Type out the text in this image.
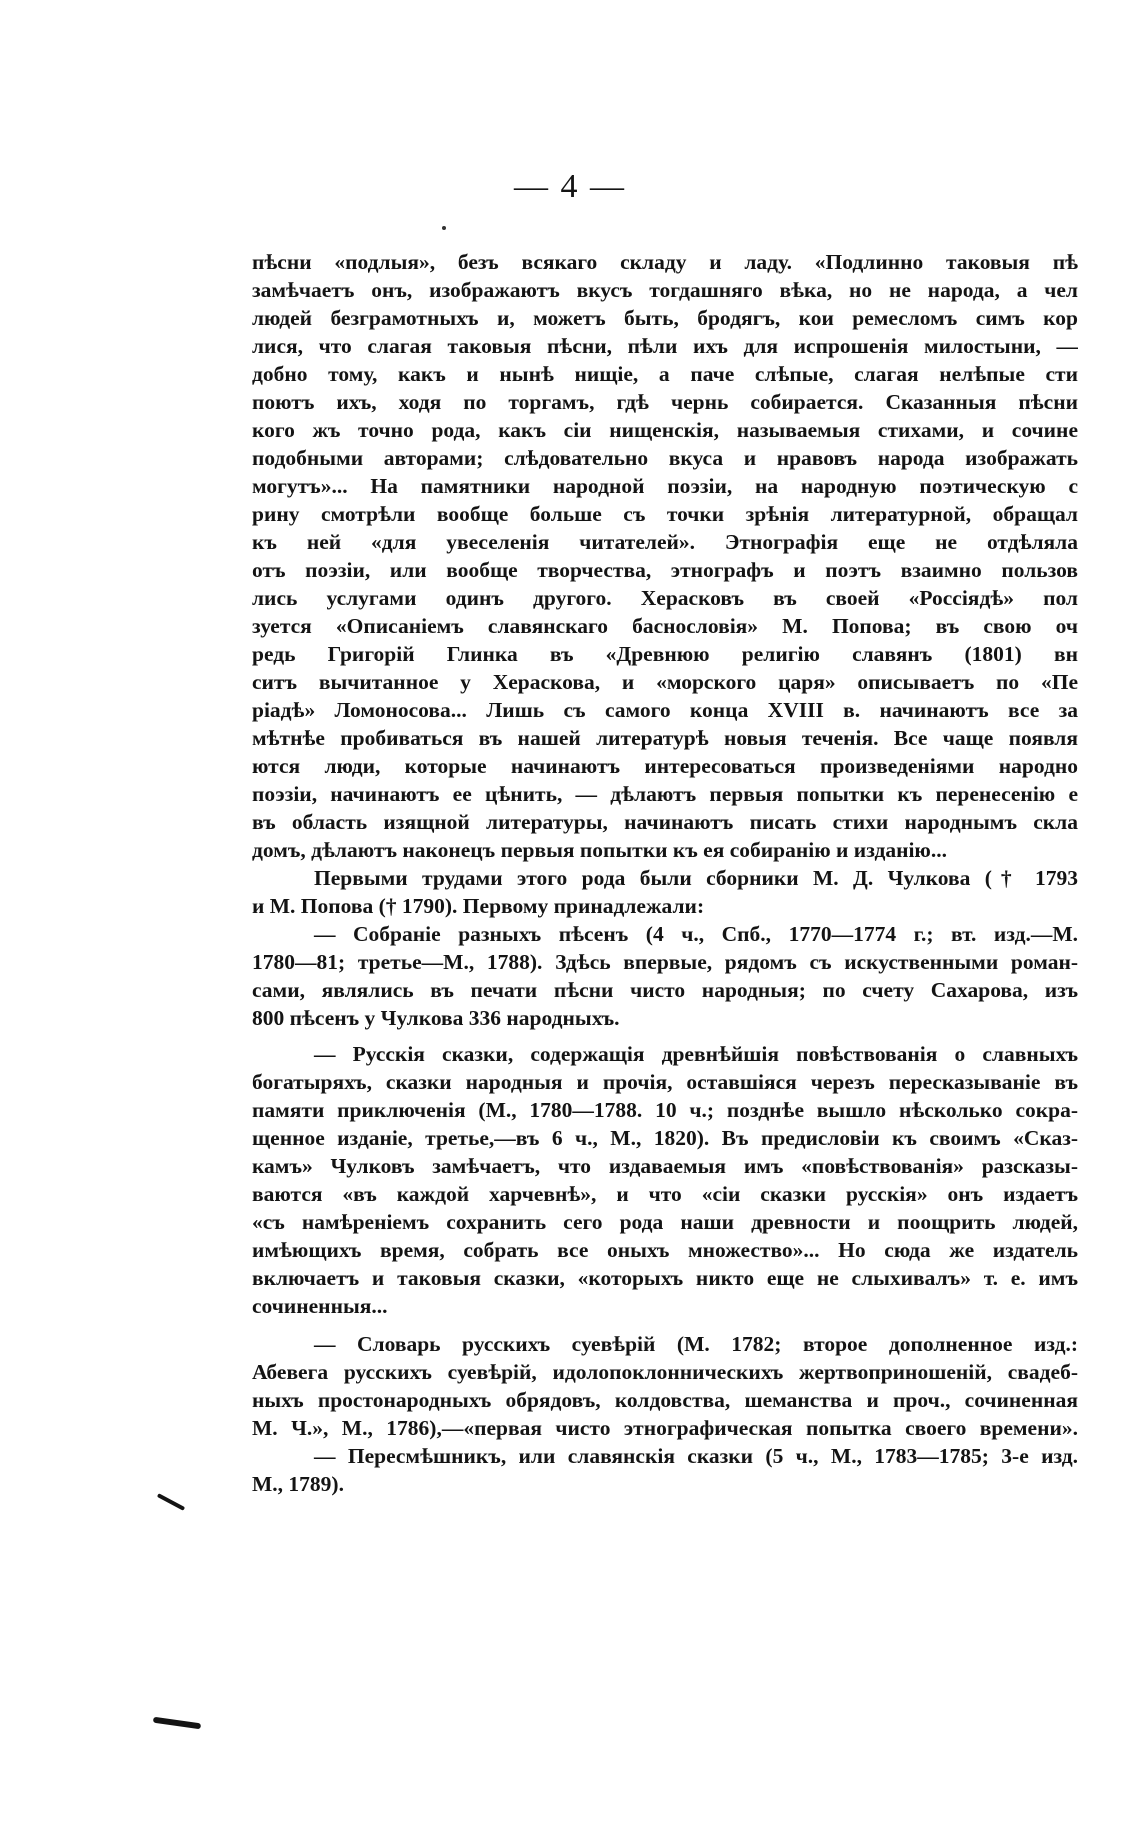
— 4 —
пѣсни «подлыя», безъ всякаго складу и ладу. «Подлинно таковыя пѣ
замѣчаетъ онъ, изображаютъ вкусъ тогдашняго вѣка, но не народа, а чел
людей безграмотныхъ и, можетъ быть, бродягъ, кои ремесломъ симъ кор
лися, что слагая таковыя пѣсни, пѣли ихъ для испрошенія милостыни, —
добно тому, какъ и нынѣ нищіе, а паче слѣпые, слагая нелѣпые сти
поютъ ихъ, ходя по торгамъ, гдѣ чернь собирается. Сказанныя пѣсни
кого жъ точно рода, какъ сіи нищенскія, называемыя стихами, и сочине
подобными авторами; слѣдовательно вкуса и нравовъ народа изображать
могутъ»... На памятники народной поэзіи, на народную поэтическую с
рину смотрѣли вообще больше съ точки зрѣнія литературной, обращал
къ ней «для увеселенія читателей». Этнографія еще не отдѣляла
отъ поэзіи, или вообще творчества, этнографъ и поэтъ взаимно пользов
лись услугами одинъ другого. Херасковъ въ своей «Россіядѣ» пол
зуется «Описаніемъ славянскаго баснословія» М. Попова; въ свою оч
редь Григорій Глинка въ «Древнюю религію славянъ (1801) вн
ситъ вычитанное у Хераскова, и «морского царя» описываетъ по «Пе
ріадѣ» Ломоносова... Лишь съ самого конца XVIII в. начинаютъ все за
мѣтнѣе пробиваться въ нашей литературѣ новыя теченія. Все чаще появля
ются люди, которые начинаютъ интересоваться произведеніями народно
поэзіи, начинаютъ ее цѣнить, — дѣлаютъ первыя попытки къ перенесенію е
въ область изящной литературы, начинаютъ писать стихи народнымъ скла
домъ, дѣлаютъ наконецъ первыя попытки къ ея собиранію и изданію...
Первыми трудами этого рода были сборники М. Д. Чулкова († 1793
и М. Попова († 1790). Первому принадлежали:
— Собраніе разныхъ пѣсенъ (4 ч., Спб., 1770—1774 г.; вт. изд.—М.
1780—81; третье—М., 1788). Здѣсь впервые, рядомъ съ искуственными роман-
сами, являлись въ печати пѣсни чисто народныя; по счету Сахарова, изъ
800 пѣсенъ у Чулкова 336 народныхъ.
— Русскія сказки, содержащія древнѣйшія повѣствованія о славныхъ
богатыряхъ, сказки народныя и прочія, оставшіяся черезъ пересказываніе въ
памяти приключенія (М., 1780—1788. 10 ч.; позднѣе вышло нѣсколько сокра-
щенное изданіе, третье,—въ 6 ч., М., 1820). Въ предисловіи къ своимъ «Сказ-
камъ» Чулковъ замѣчаетъ, что издаваемыя имъ «повѣствованія» разсказы-
ваются «въ каждой харчевнѣ», и что «сіи сказки русскія» онъ издаетъ
«съ намѣреніемъ сохранить сего рода наши древности и поощрить людей,
имѣющихъ время, собрать все оныхъ множество»... Но сюда же издатель
включаетъ и таковыя сказки, «которыхъ никто еще не слыхивалъ» т. е. имъ
сочиненныя...
— Словарь русскихъ суевѣрій (М. 1782; второе дополненное изд.:
Абевега русскихъ суевѣрій, идолопоклонническихъ жертвоприношеній, свадеб-
ныхъ простонародныхъ обрядовъ, колдовства, шеманства и проч., сочиненная
М. Ч.», М., 1786),—«первая чисто этнографическая попытка своего времени».
— Пересмѣшникъ, или славянскія сказки (5 ч., М., 1783—1785; 3-е изд.
М., 1789).
